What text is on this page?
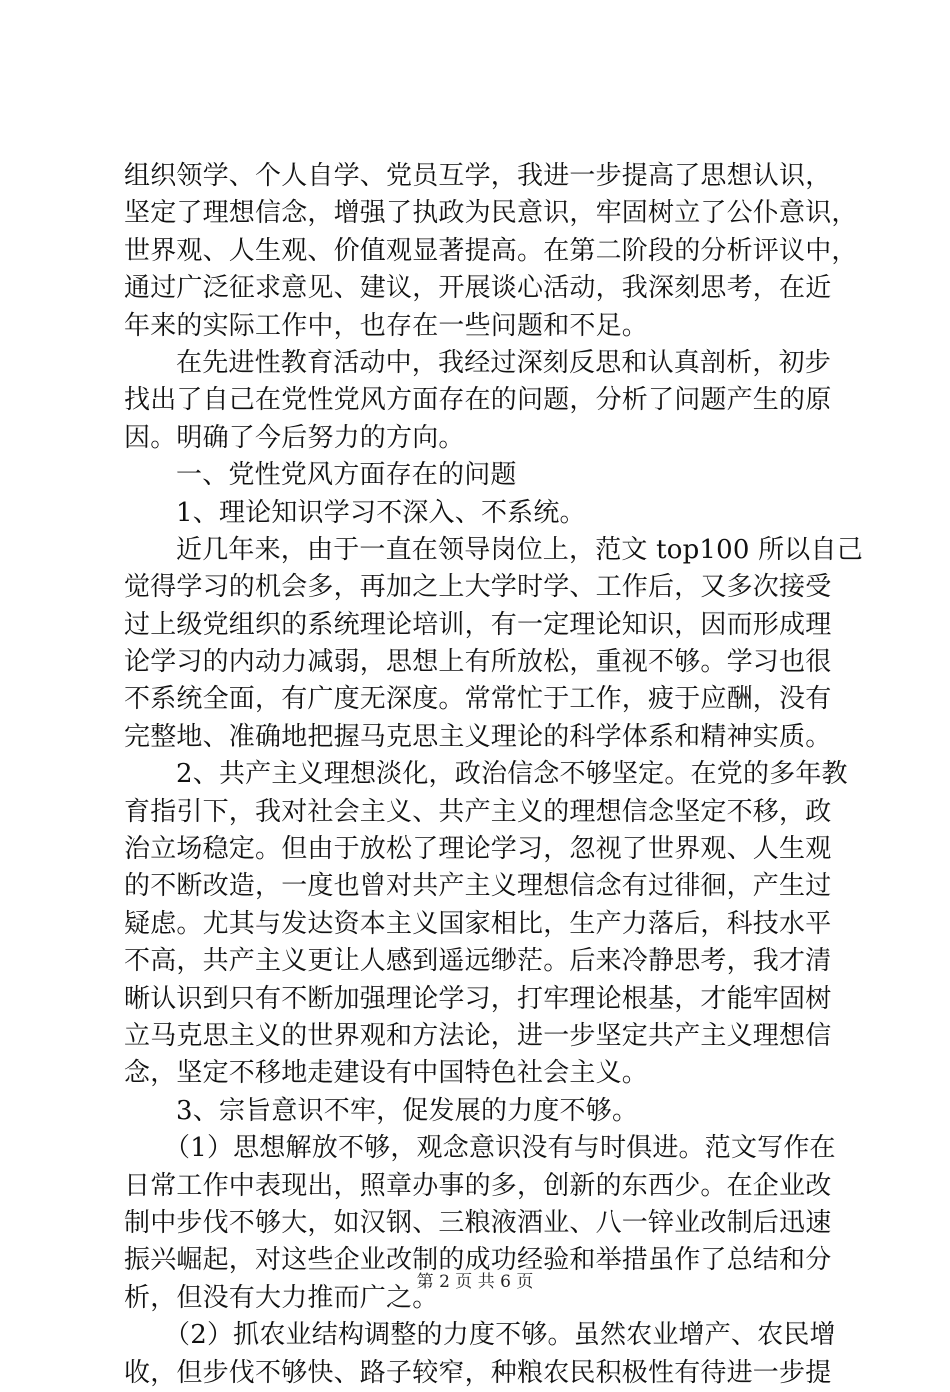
组织领学、个人自学、党员互学，我进一步提高了思想认识，
坚定了理想信念，增强了执政为民意识，牢固树立了公仆意识，
世界观、人生观、价值观显著提高。在第二阶段的分析评议中，
通过广泛征求意见、建议，开展谈心活动，我深刻思考，在近
年来的实际工作中，也存在一些问题和不足。
在先进性教育活动中，我经过深刻反思和认真剖析，初步
找出了自己在党性党风方面存在的问题，分析了问题产生的原
因。明确了今后努力的方向。
一、党性党风方面存在的问题
1、理论知识学习不深入、不系统。
近几年来，由于一直在领导岗位上，范文 top100 所以自己
觉得学习的机会多，再加之上大学时学、工作后，又多次接受
过上级党组织的系统理论培训，有一定理论知识，因而形成理
论学习的内动力减弱，思想上有所放松，重视不够。学习也很
不系统全面，有广度无深度。常常忙于工作，疲于应酬，没有
完整地、准确地把握马克思主义理论的科学体系和精神实质。
2、共产主义理想淡化，政治信念不够坚定。在党的多年教
育指引下，我对社会主义、共产主义的理想信念坚定不移，政
治立场稳定。但由于放松了理论学习，忽视了世界观、人生观
的不断改造，一度也曾对共产主义理想信念有过徘徊，产生过
疑虑。尤其与发达资本主义国家相比，生产力落后，科技水平
不高，共产主义更让人感到遥远缈茫。后来冷静思考，我才清
晰认识到只有不断加强理论学习，打牢理论根基，才能牢固树
立马克思主义的世界观和方法论，进一步坚定共产主义理想信
念，坚定不移地走建设有中国特色社会主义。
3、宗旨意识不牢，促发展的力度不够。
（1）思想解放不够，观念意识没有与时俱进。范文写作在
日常工作中表现出，照章办事的多，创新的东西少。在企业改
制中步伐不够大，如汉钢、三粮液酒业、八一锌业改制后迅速
振兴崛起，对这些企业改制的成功经验和举措虽作了总结和分
析，但没有大力推而广之。
（2）抓农业结构调整的力度不够。虽然农业增产、农民增
收，但步伐不够快、路子较窄，种粮农民积极性有待进一步提
第 2 页 共 6 页
